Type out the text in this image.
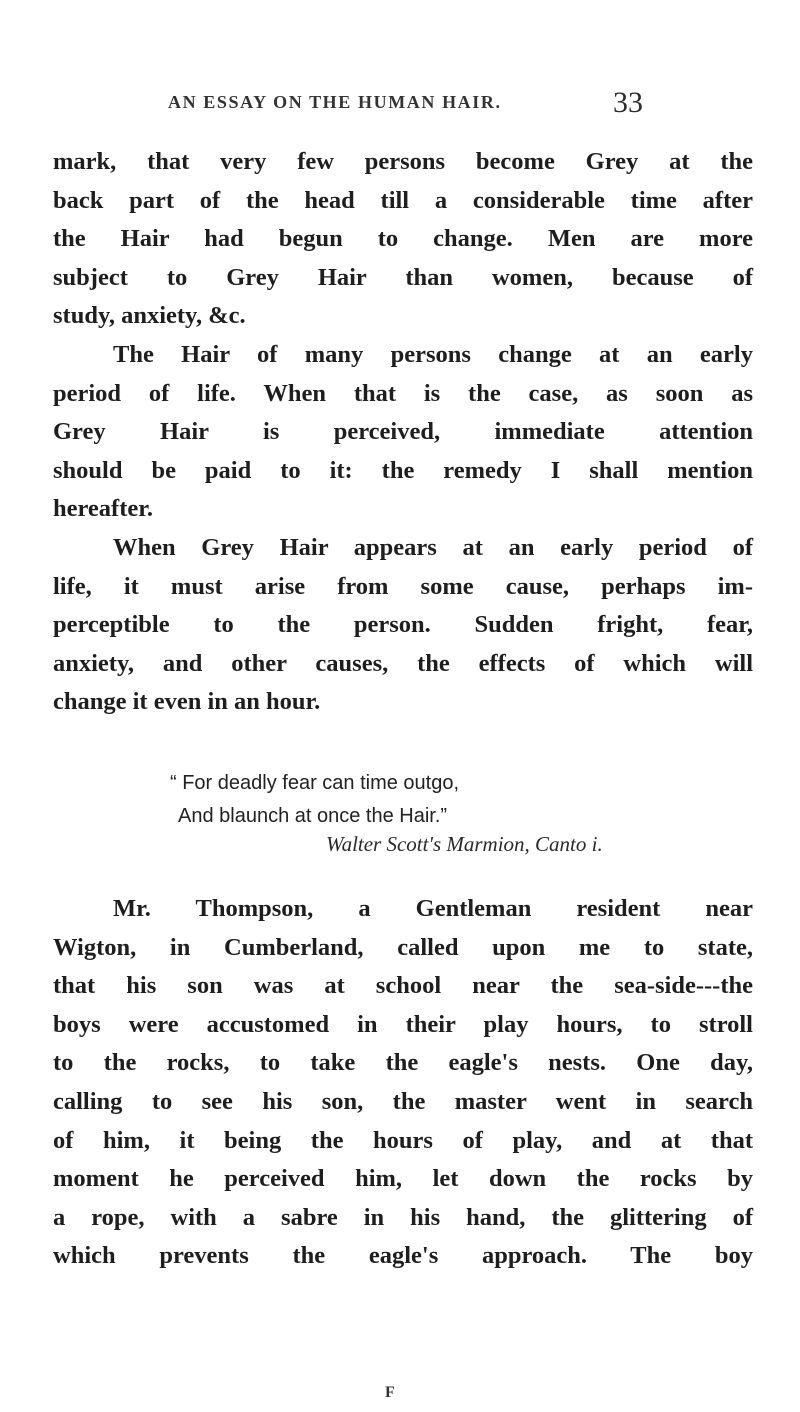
AN ESSAY ON THE HUMAN HAIR.	33
mark, that very few persons become Grey at the
back part of the head till a considerable time after
the Hair had begun to change. Men are more
subject to Grey Hair than women, because of
study, anxiety, &c.
The Hair of many persons change at an early
period of life. When that is the case, as soon as
Grey Hair is perceived, immediate attention
should be paid to it: the remedy I shall mention
hereafter.
When Grey Hair appears at an early period of
life, it must arise from some cause, perhaps im-
perceptible to the person. Sudden fright, fear,
anxiety, and other causes, the effects of which will
change it even in an hour.
“ For deadly fear can time outgo,
And blaunch at once the Hair.”
Walter Scott's Marmion, Canto i.
Mr. Thompson, a Gentleman resident near
Wigton, in Cumberland, called upon me to state,
that his son was at school near the sea-side---the
boys were accustomed in their play hours, to stroll
to the rocks, to take the eagle's nests. One day,
calling to see his son, the master went in search
of him, it being the hours of play, and at that
moment he perceived him, let down the rocks by
a rope, with a sabre in his hand, the glittering of
which prevents the eagle's approach. The boy
F
